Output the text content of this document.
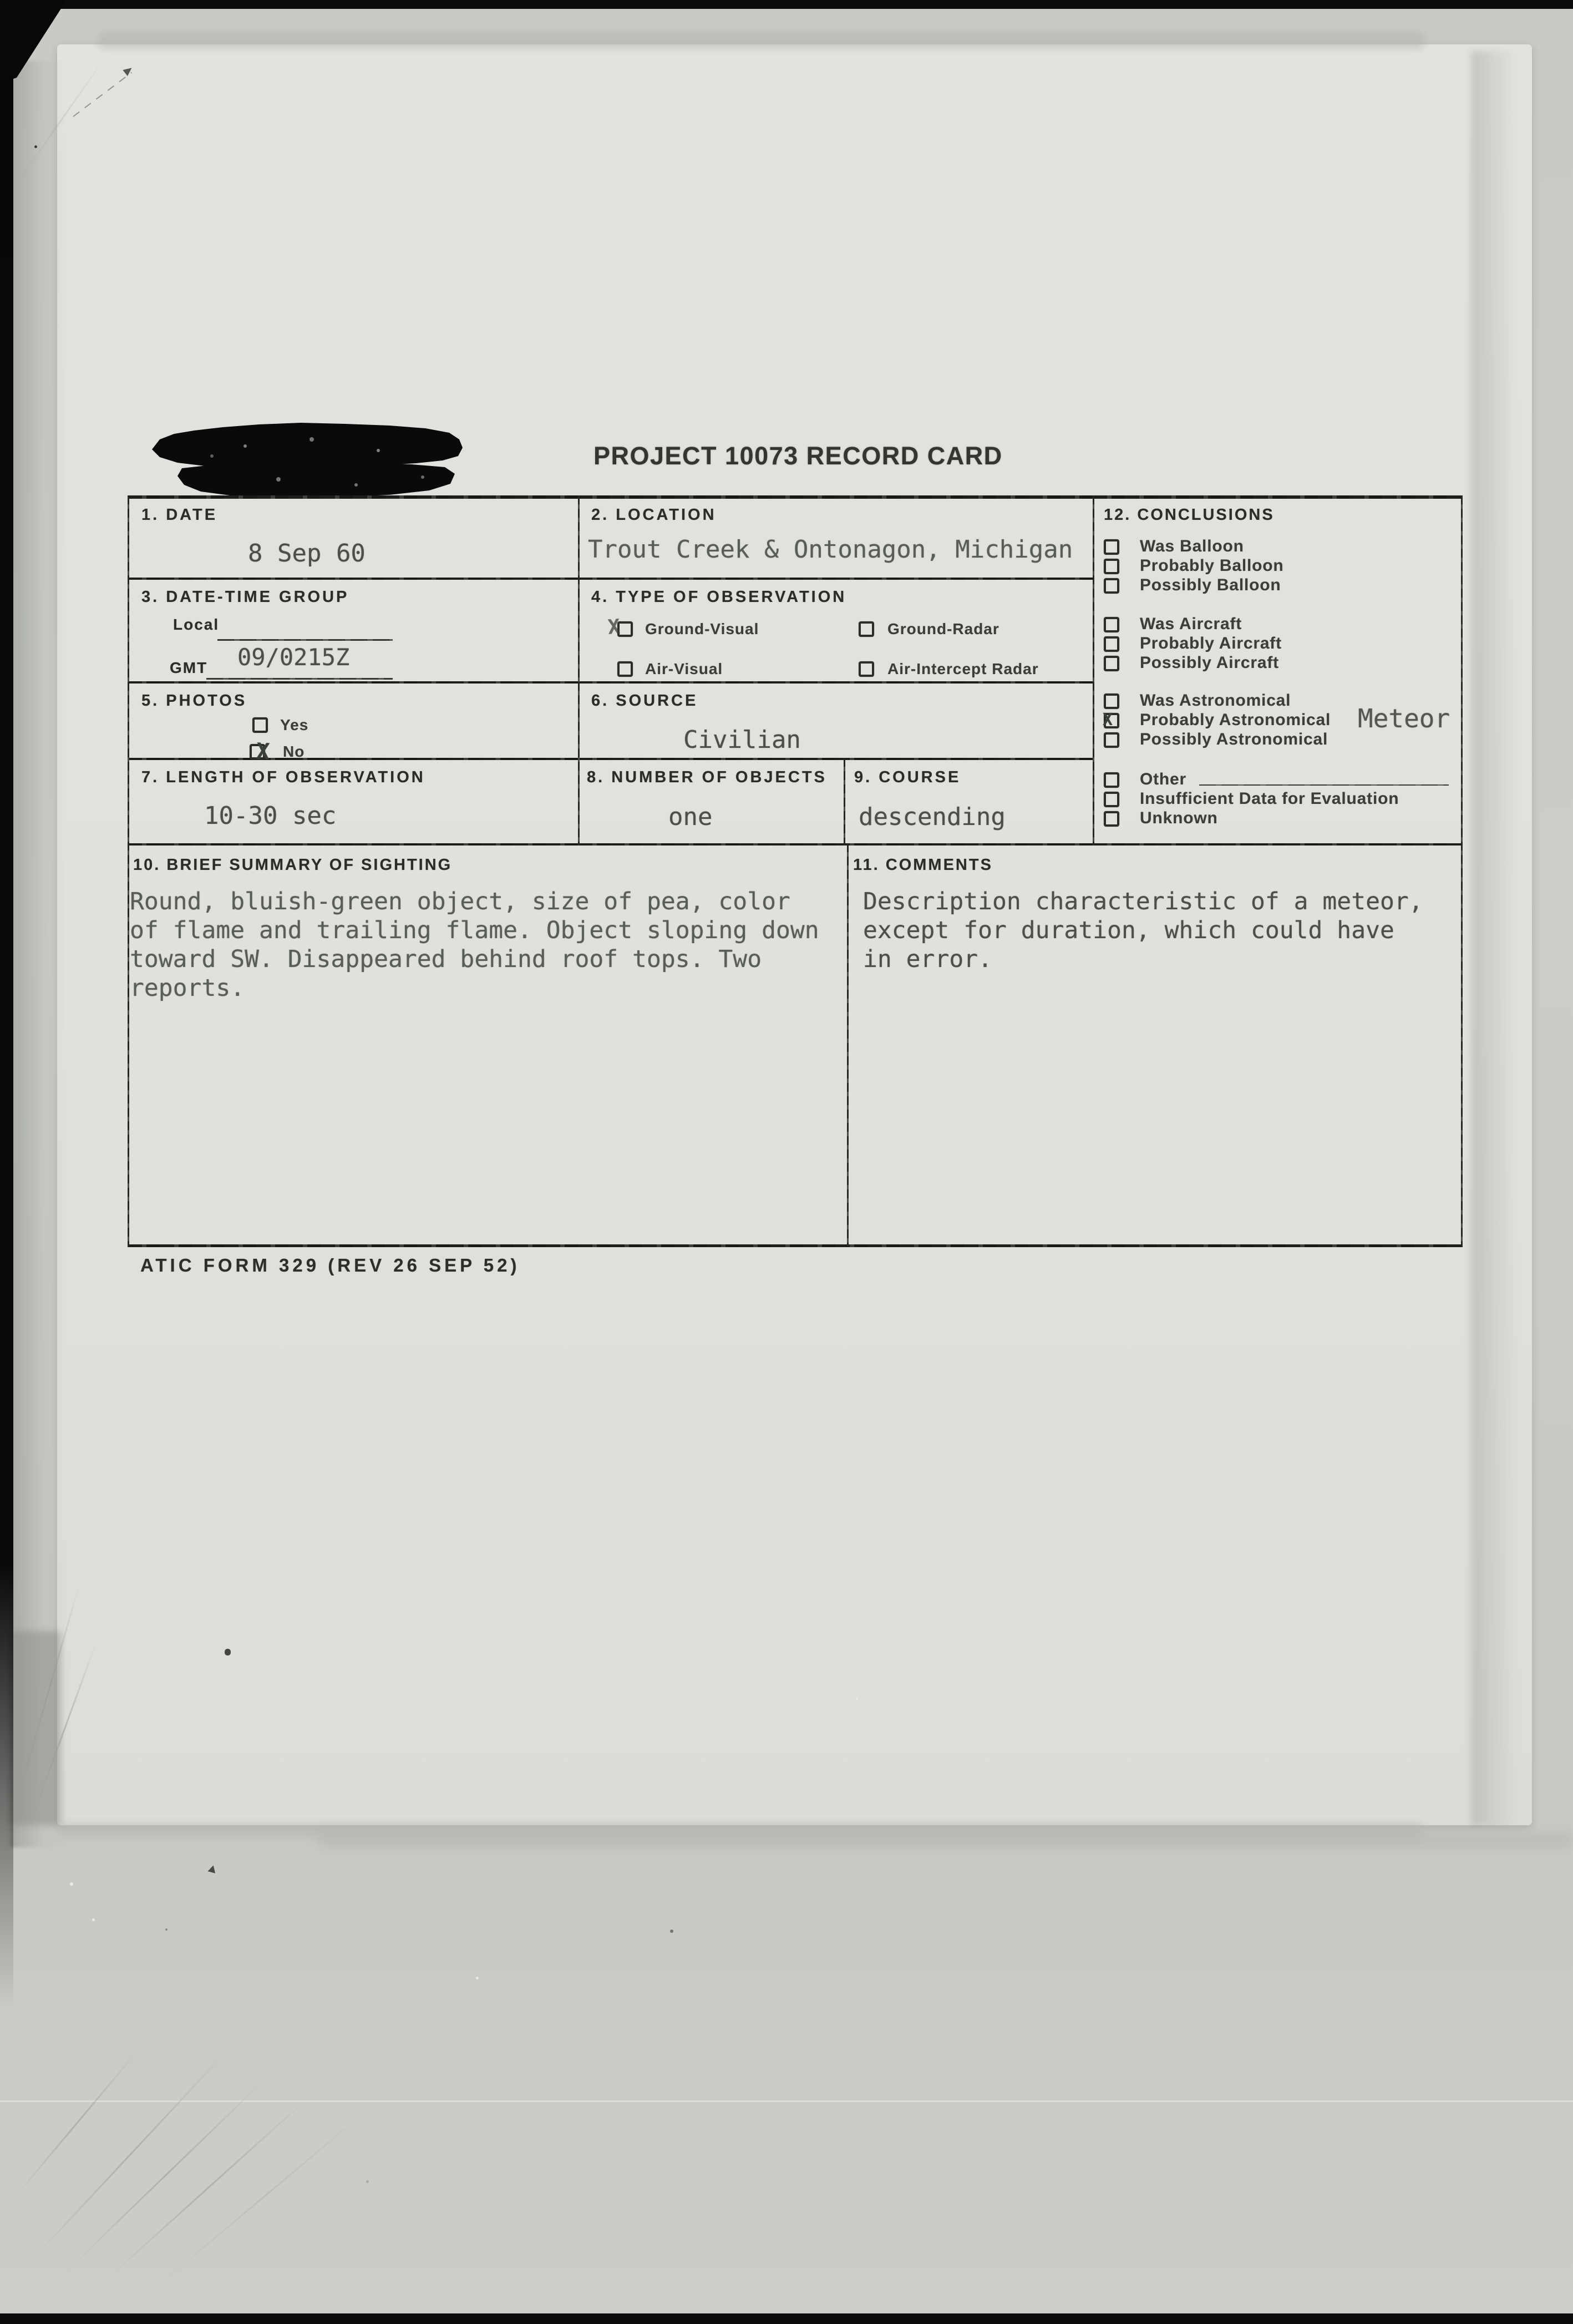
PROJECT 10073 RECORD CARD
1. DATE
8 Sep 60
2. LOCATION
Trout Creek & Ontonagon, Michigan
3. DATE-TIME GROUP
Local
GMT 09/0215Z
4. TYPE OF OBSERVATION
X Ground-Visual	Ground-Radar
Air-Visual	Air-Intercept Radar
5. PHOTOS
Yes
X No
6. SOURCE
Civilian
7. LENGTH OF OBSERVATION
10-30 sec
8. NUMBER OF OBJECTS
one
9. COURSE
descending
10. BRIEF SUMMARY OF SIGHTING
Round, bluish-green object, size of pea, color
of flame and trailing flame. Object sloping down
toward SW. Disappeared behind roof tops. Two
reports.
11. COMMENTS
Description characteristic of a meteor,
except for duration, which could have
in error.
12. CONCLUSIONS
Was Balloon
Probably Balloon
Possibly Balloon
Was Aircraft
Probably Aircraft
Possibly Aircraft
Was Astronomical
X Probably Astronomical Meteor
Possibly Astronomical
Other
Insufficient Data for Evaluation
Unknown
ATIC FORM 329 (REV 26 SEP 52)
